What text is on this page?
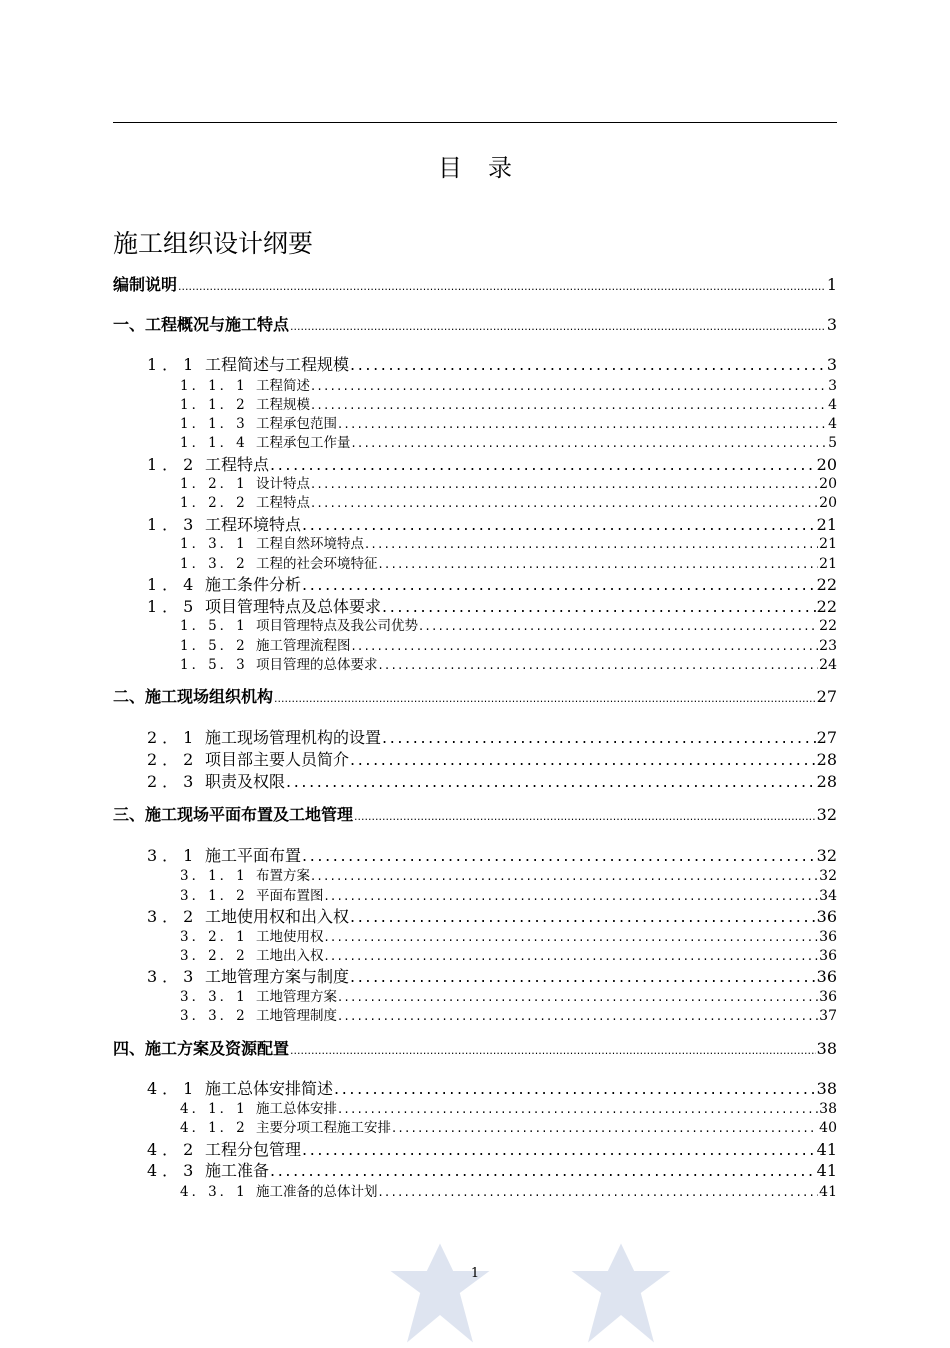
目 录
施工组织设计纲要
编制说明 .....	1
一、工程概况与施工特点 .....	3
1．1 工程简述与工程规模 .....	3
1．1．1 工程简述 .....	3
1．1．2 工程规模 .....	4
1．1．3 工程承包范围 .....	4
1．1．4 工程承包工作量 .....	5
1．2 工程特点 .....	20
1．2．1 设计特点 .....	20
1．2．2 工程特点 .....	20
1．3 工程环境特点 .....	21
1．3．1 工程自然环境特点 .....	21
1．3．2 工程的社会环境特征 .....	21
1．4 施工条件分析 .....	22
1．5 项目管理特点及总体要求 .....	22
1．5．1 项目管理特点及我公司优势 .....	22
1．5．2 施工管理流程图 .....	23
1．5．3 项目管理的总体要求 .....	24
二、施工现场组织机构 .....	27
2．1 施工现场管理机构的设置 .....	27
2．2 项目部主要人员简介 .....	28
2．3 职责及权限 .....	28
三、施工现场平面布置及工地管理 .....	32
3．1 施工平面布置 .....	32
3．1．1 布置方案 .....	32
3．1．2 平面布置图 .....	34
3．2 工地使用权和出入权 .....	36
3．2．1 工地使用权 .....	36
3．2．2 工地出入权 .....	36
3．3 工地管理方案与制度 .....	36
3．3．1 工地管理方案 .....	36
3．3．2 工地管理制度 .....	37
四、施工方案及资源配置 .....	38
4．1 施工总体安排简述 .....	38
4．1．1 施工总体安排 .....	38
4．1．2 主要分项工程施工安排 .....	40
4．2 工程分包管理 .....	41
4．3 施工准备 .....	41
4．3．1 施工准备的总体计划 .....	41
1
